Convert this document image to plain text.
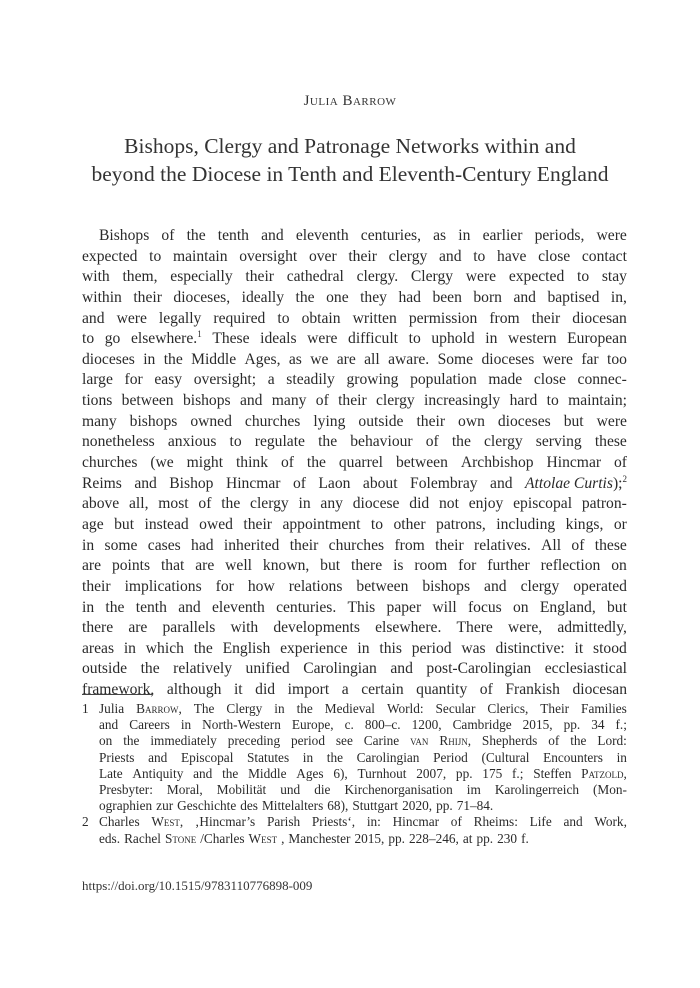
Julia Barrow
Bishops, Clergy and Patronage Networks within and
beyond the Diocese in Tenth and Eleventh-Century England
Bishops of the tenth and eleventh centuries, as in earlier periods, were
expected to maintain oversight over their clergy and to have close contact
with them, especially their cathedral clergy. Clergy were expected to stay
within their dioceses, ideally the one they had been born and baptised in,
and were legally required to obtain written permission from their diocesan
to go elsewhere.$^1$ These ideals were difficult to uphold in western European
dioceses in the Middle Ages, as we are all aware. Some dioceses were far too
large for easy oversight; a steadily growing population made close connec-
tions between bishops and many of their clergy increasingly hard to maintain;
many bishops owned churches lying outside their own dioceses but were
nonetheless anxious to regulate the behaviour of the clergy serving these
churches (we might think of the quarrel between Archbishop Hincmar of
Reims and Bishop Hincmar of Laon about Folembray and Attolae Curtis);$^2$
above all, most of the clergy in any diocese did not enjoy episcopal patron-
age but instead owed their appointment to other patrons, including kings, or
in some cases had inherited their churches from their relatives. All of these
are points that are well known, but there is room for further reflection on
their implications for how relations between bishops and clergy operated
in the tenth and eleventh centuries. This paper will focus on England, but
there are parallels with developments elsewhere. There were, admittedly,
areas in which the English experience in this period was distinctive: it stood
outside the relatively unified Carolingian and post-Carolingian ecclesiastical
framework, although it did import a certain quantity of Frankish diocesan
1 Julia Barrow, The Clergy in the Medieval World: Secular Clerics, Their Families
and Careers in North-Western Europe, c. 800–c. 1200, Cambridge 2015, pp. 34 f.;
on the immediately preceding period see Carine van Rhijn, Shepherds of the Lord:
Priests and Episcopal Statutes in the Carolingian Period (Cultural Encounters in
Late Antiquity and the Middle Ages 6), Turnhout 2007, pp. 175 f.; Steffen Patzold,
Presbyter: Moral, Mobilität und die Kirchenorganisation im Karolingerreich (Mon-
ographien zur Geschichte des Mittelalters 68), Stuttgart 2020, pp. 71–84.
2 Charles West, ‚Hincmar’s Parish Priests‘, in: Hincmar of Rheims: Life and Work,
eds. Rachel Stone /Charles West , Manchester 2015, pp. 228–246, at pp. 230 f.
https://doi.org/10.1515/9783110776898-009
